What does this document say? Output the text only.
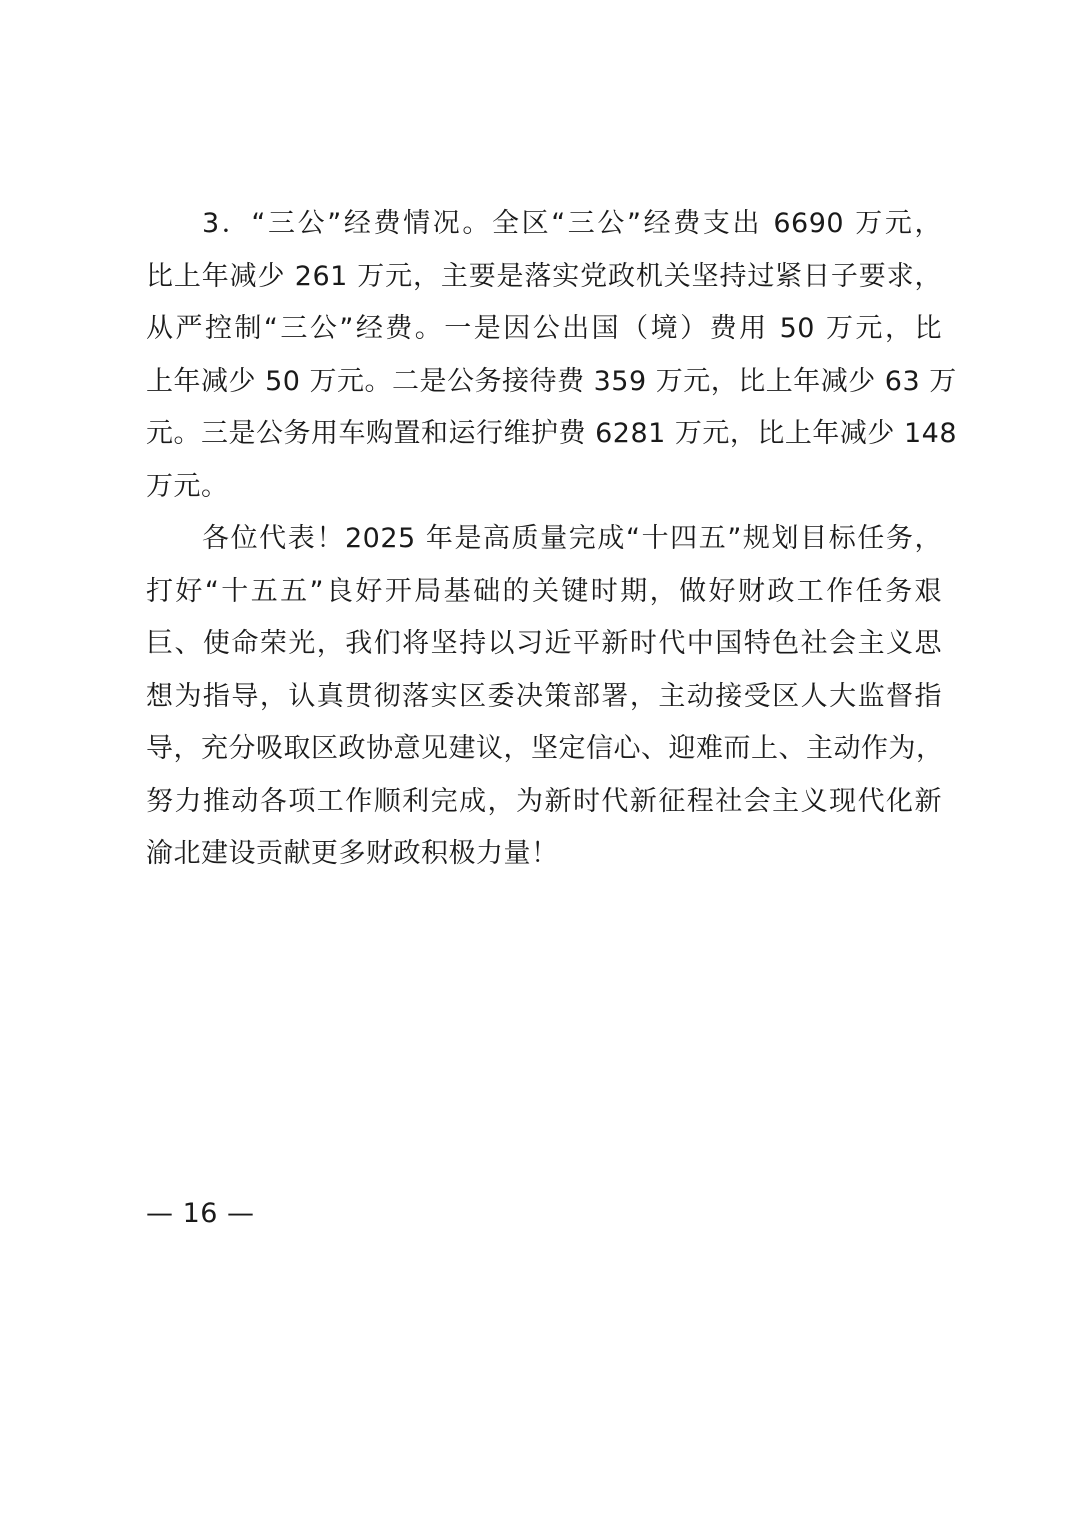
3．“三公”经费情况。全区“三公”经费支出 6690 万元，
比上年减少 261 万元，主要是落实党政机关坚持过紧日子要求，
从严控制“三公”经费。一是因公出国（境）费用 50 万元，比
上年减少 50 万元。二是公务接待费 359 万元，比上年减少 63 万
元。三是公务用车购置和运行维护费 6281 万元，比上年减少 148
万元。
各位代表！2025 年是高质量完成“十四五”规划目标任务，
打好“十五五”良好开局基础的关键时期，做好财政工作任务艰
巨、使命荣光，我们将坚持以习近平新时代中国特色社会主义思
想为指导，认真贯彻落实区委决策部署，主动接受区人大监督指
导，充分吸取区政协意见建议，坚定信心、迎难而上、主动作为，
努力推动各项工作顺利完成，为新时代新征程社会主义现代化新
渝北建设贡献更多财政积极力量！
— 16 —
